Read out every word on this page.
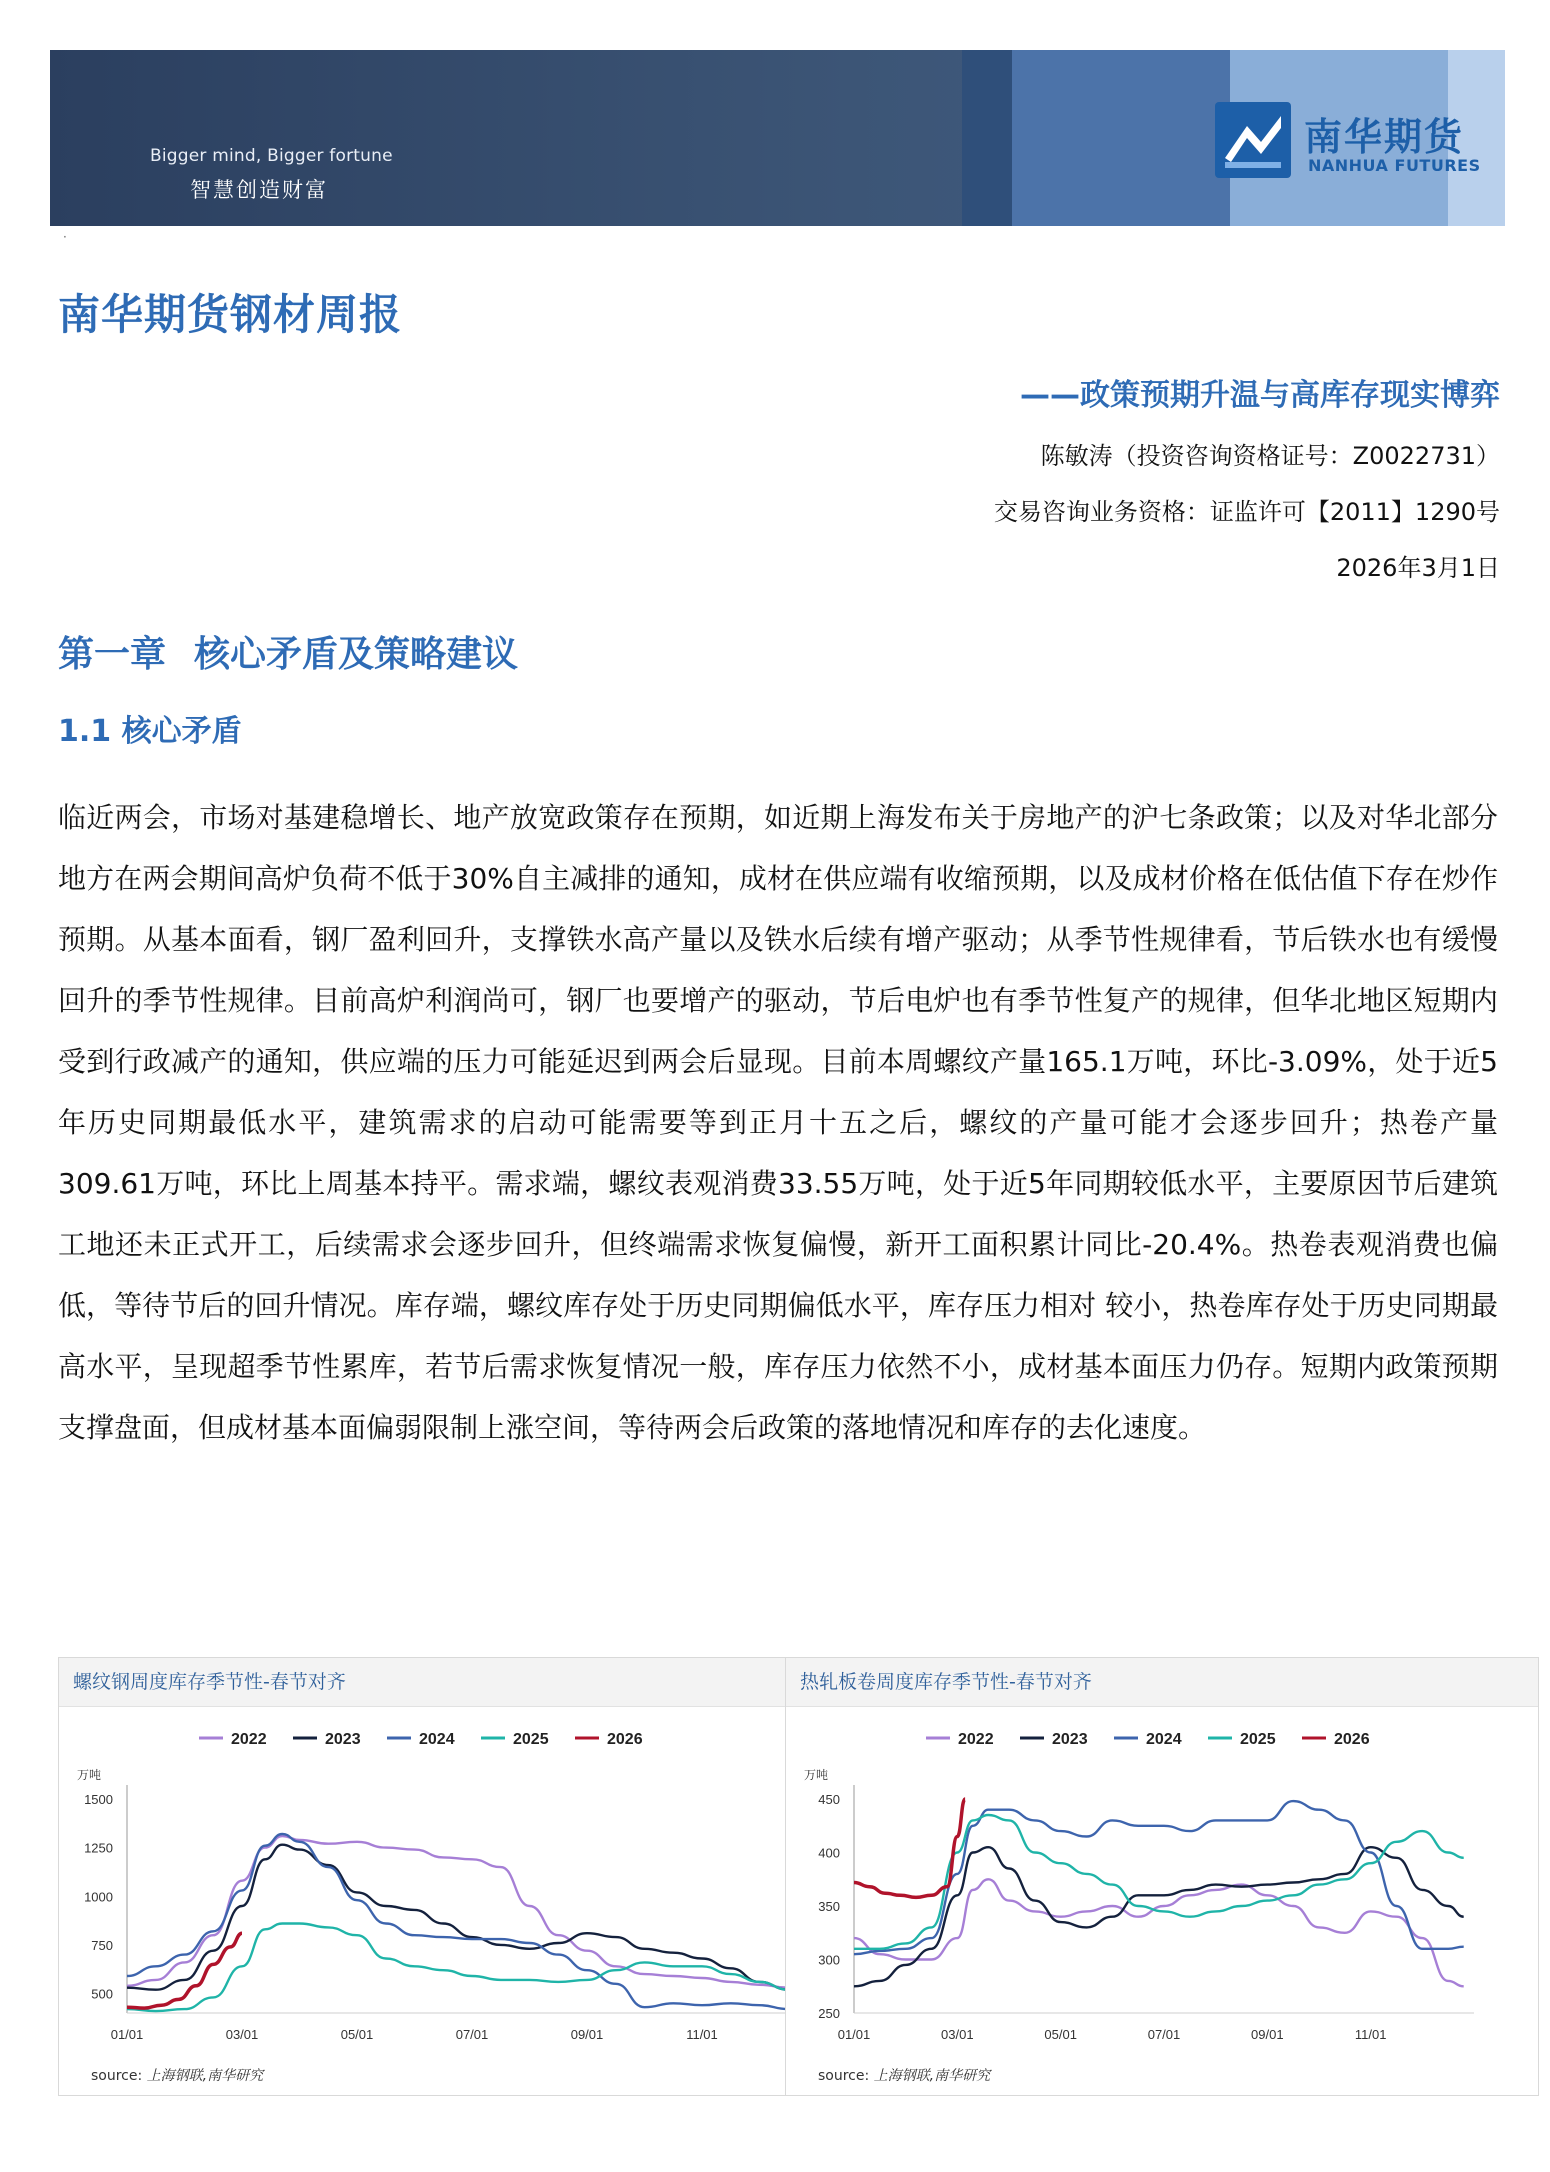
Bigger mind, Bigger fortune
智慧创造财富
南华期货
NANHUA FUTURES
·
南华期货钢材周报
——政策预期升温与高库存现实博弈
陈敏涛（投资咨询资格证号：Z0022731）
交易咨询业务资格：证监许可【2011】1290号
2026年3月1日
第一章 核心矛盾及策略建议
1.1 核心矛盾
临近两会，市场对基建稳增长、地产放宽政策存在预期，如近期上海发布关于房地产的沪七条政策；以及对华北部分地方在两会期间高炉负荷不低于30%自主减排的通知，成材在供应端有收缩预期，以及成材价格在低估值下存在炒作预期。从基本面看，钢厂盈利回升，支撑铁水高产量以及铁水后续有增产驱动；从季节性规律看，节后铁水也有缓慢回升的季节性规律。目前高炉利润尚可，钢厂也要增产的驱动，节后电炉也有季节性复产的规律，但华北地区短期内受到行政减产的通知，供应端的压力可能延迟到两会后显现。目前本周螺纹产量165.1万吨，环比-3.09%，处于近5年历史同期最低水平，建筑需求的启动可能需要等到正月十五之后，螺纹的产量可能才会逐步回升；热卷产量309.61万吨，环比上周基本持平。需求端，螺纹表观消费33.55万吨，处于近5年同期较低水平，主要原因节后建筑工地还未正式开工，后续需求会逐步回升，但终端需求恢复偏慢，新开工面积累计同比-20.4%。热卷表观消费也偏低，等待节后的回升情况。库存端，螺纹库存处于历史同期偏低水平，库存压力相对 较小，热卷库存处于历史同期最高水平，呈现超季节性累库，若节后需求恢复情况一般，库存压力依然不小，成材基本面压力仍存。短期内政策预期支撑盘面，但成材基本面偏弱限制上涨空间，等待两会后政策的落地情况和库存的去化速度。
螺纹钢周度库存季节性-春节对齐
2022	2023	2024	2025	2026
万吨
500
750
1000
1250
1500
01/01	03/01	05/01	07/01	09/01	11/01
source: 上海钢联,南华研究
热轧板卷周度库存季节性-春节对齐
2022	2023	2024	2025	2026
万吨
250
300
350
400
450
01/01	03/01	05/01	07/01	09/01	11/01
source: 上海钢联,南华研究
